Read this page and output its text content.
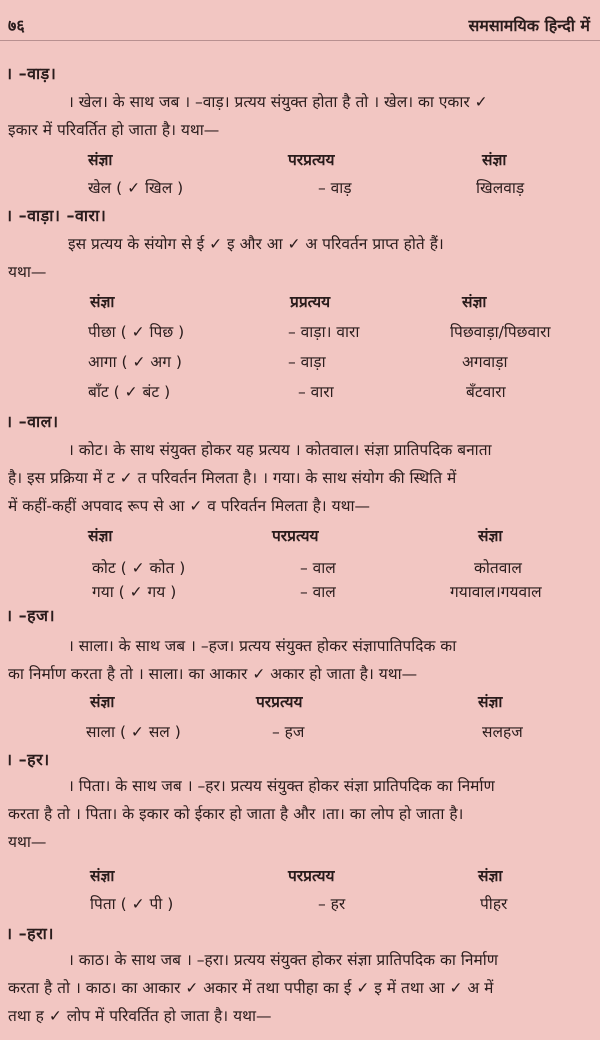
७६	समसामयिक हिन्दी में
। –वाड़।
। खेल। के साथ जब । –वाड़। प्रत्यय संयुक्त होता है तो । खेल। का एकार ✓
इकार में परिवर्तित हो जाता है। यथा—
संज्ञा	परप्रत्यय	संज्ञा
खेल ( ✓ खिल )	– वाड़	खिलवाड़
। –वाड़ा। –वारा।
इस प्रत्यय के संयोग से ई ✓ इ और आ ✓ अ परिवर्तन प्राप्त होते हैं।
यथा—
संज्ञा	प्रप्रत्यय	संज्ञा
पीछा ( ✓ पिछ )	– वाड़ा। वारा	पिछवाड़ा/पिछवारा
आगा ( ✓ अग )	– वाड़ा	अगवाड़ा
बाँट ( ✓ बंट )	– वारा	बँटवारा
। –वाल।
। कोट। के साथ संयुक्त होकर यह प्रत्यय । कोतवाल। संज्ञा प्रातिपदिक बनाता
है। इस प्रक्रिया में ट ✓ त परिवर्तन मिलता है। । गया। के साथ संयोग की स्थिति में
में कहीं-कहीं अपवाद रूप से आ ✓ व परिवर्तन मिलता है। यथा—
संज्ञा	परप्रत्यय	संज्ञा
कोट ( ✓ कोत )	– वाल	कोतवाल
गया ( ✓ गय )	– वाल	गयावाल।गयवाल
। –हज।
। साला। के साथ जब । –हज। प्रत्यय संयुक्त होकर संज्ञापातिपदिक का
का निर्माण करता है तो । साला। का आकार ✓ अकार हो जाता है। यथा—
संज्ञा	परप्रत्यय	संज्ञा
साला ( ✓ सल )	– हज	सलहज
। –हर।
। पिता। के साथ जब । –हर। प्रत्यय संयुक्त होकर संज्ञा प्रातिपदिक का निर्माण
करता है तो । पिता। के इकार को ईकार हो जाता है और ।ता। का लोप हो जाता है।
यथा—
संज्ञा	परप्रत्यय	संज्ञा
पिता ( ✓ पी )	– हर	पीहर
। –हरा।
। काठ। के साथ जब । –हरा। प्रत्यय संयुक्त होकर संज्ञा प्रातिपदिक का निर्माण
करता है तो । काठ। का आकार ✓ अकार में तथा पपीहा का ई ✓ इ में तथा आ ✓ अ में
तथा ह ✓ लोप में परिवर्तित हो जाता है। यथा—
